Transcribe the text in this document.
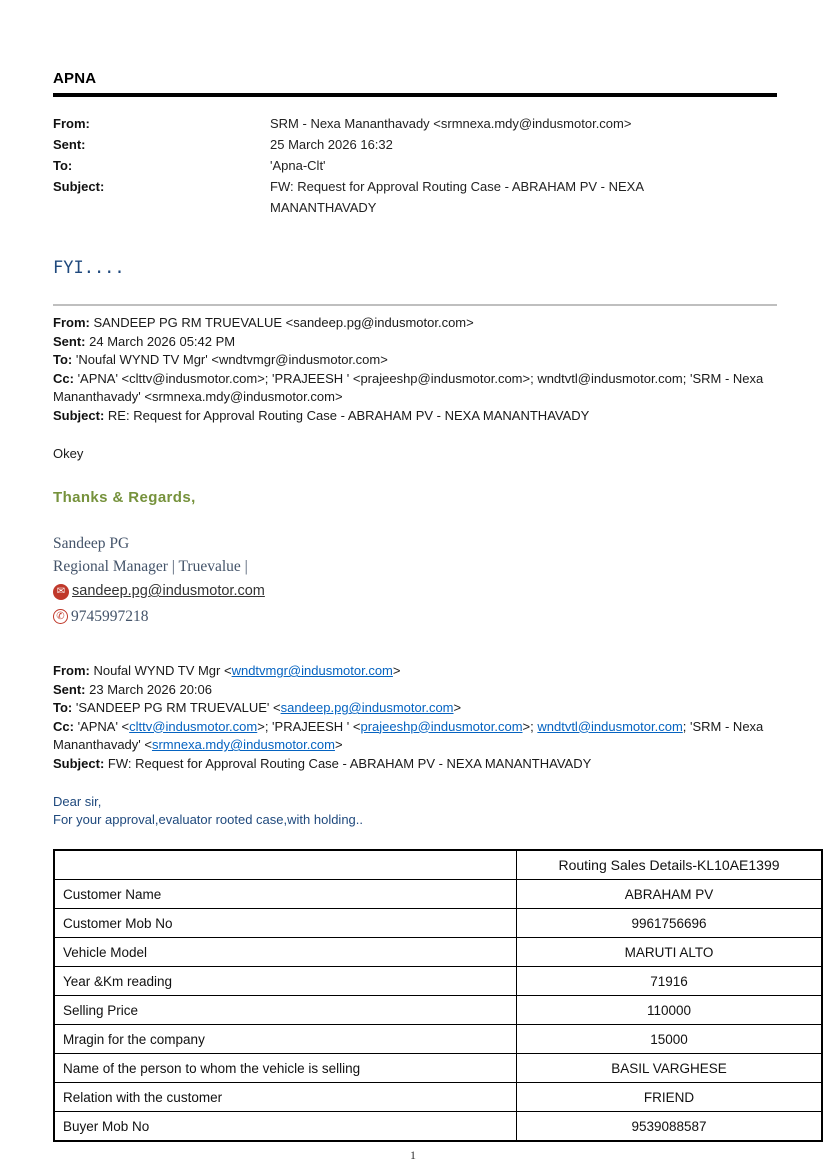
APNA
From:	SRM - Nexa Mananthavady <srmnexa.mdy@indusmotor.com>
Sent:	25 March 2026 16:32
To:	'Apna-Clt'
Subject:	FW: Request for Approval Routing Case - ABRAHAM PV - NEXA MANANTHAVADY
FYI....

From: SANDEEP PG RM TRUEVALUE <sandeep.pg@indusmotor.com>

Sent: 24 March 2026 05:42 PM

To: 'Noufal WYND TV Mgr' <wndtvmgr@indusmotor.com>

Cc: 'APNA' <clttv@indusmotor.com>; 'PRAJEESH ' <prajeeshp@indusmotor.com>; wndtvtl@indusmotor.com; 'SRM - Nexa Mananthavady' <srmnexa.mdy@indusmotor.com>

Subject: RE: Request for Approval Routing Case - ABRAHAM PV - NEXA MANANTHAVADY

Okey
Thanks & Regards,
Sandeep PG
Regional Manager | Truevalue |
✉ sandeep.pg@indusmotor.com
✆ 9745997218

From: Noufal WYND TV Mgr <wndtvmgr@indusmotor.com>

Sent: 23 March 2026 20:06

To: 'SANDEEP PG RM TRUEVALUE' <sandeep.pg@indusmotor.com>

Cc: 'APNA' <clttv@indusmotor.com>; 'PRAJEESH ' <prajeeshp@indusmotor.com>; wndtvtl@indusmotor.com; 'SRM - Nexa Mananthavady' <srmnexa.mdy@indusmotor.com>

Subject: FW: Request for Approval Routing Case - ABRAHAM PV - NEXA MANANTHAVADY

Dear sir,
For your approval,evaluator rooted case,with holding..
	Routing Sales Details-KL10AE1399
Customer Name	ABRAHAM PV
Customer Mob No	9961756696
Vehicle Model	MARUTI ALTO
Year &Km reading	71916
Selling Price	110000
Mragin for the company	15000
Name of the person to whom the vehicle is selling	BASIL VARGHESE
Relation with the customer	FRIEND
Buyer Mob No	9539088587
1
